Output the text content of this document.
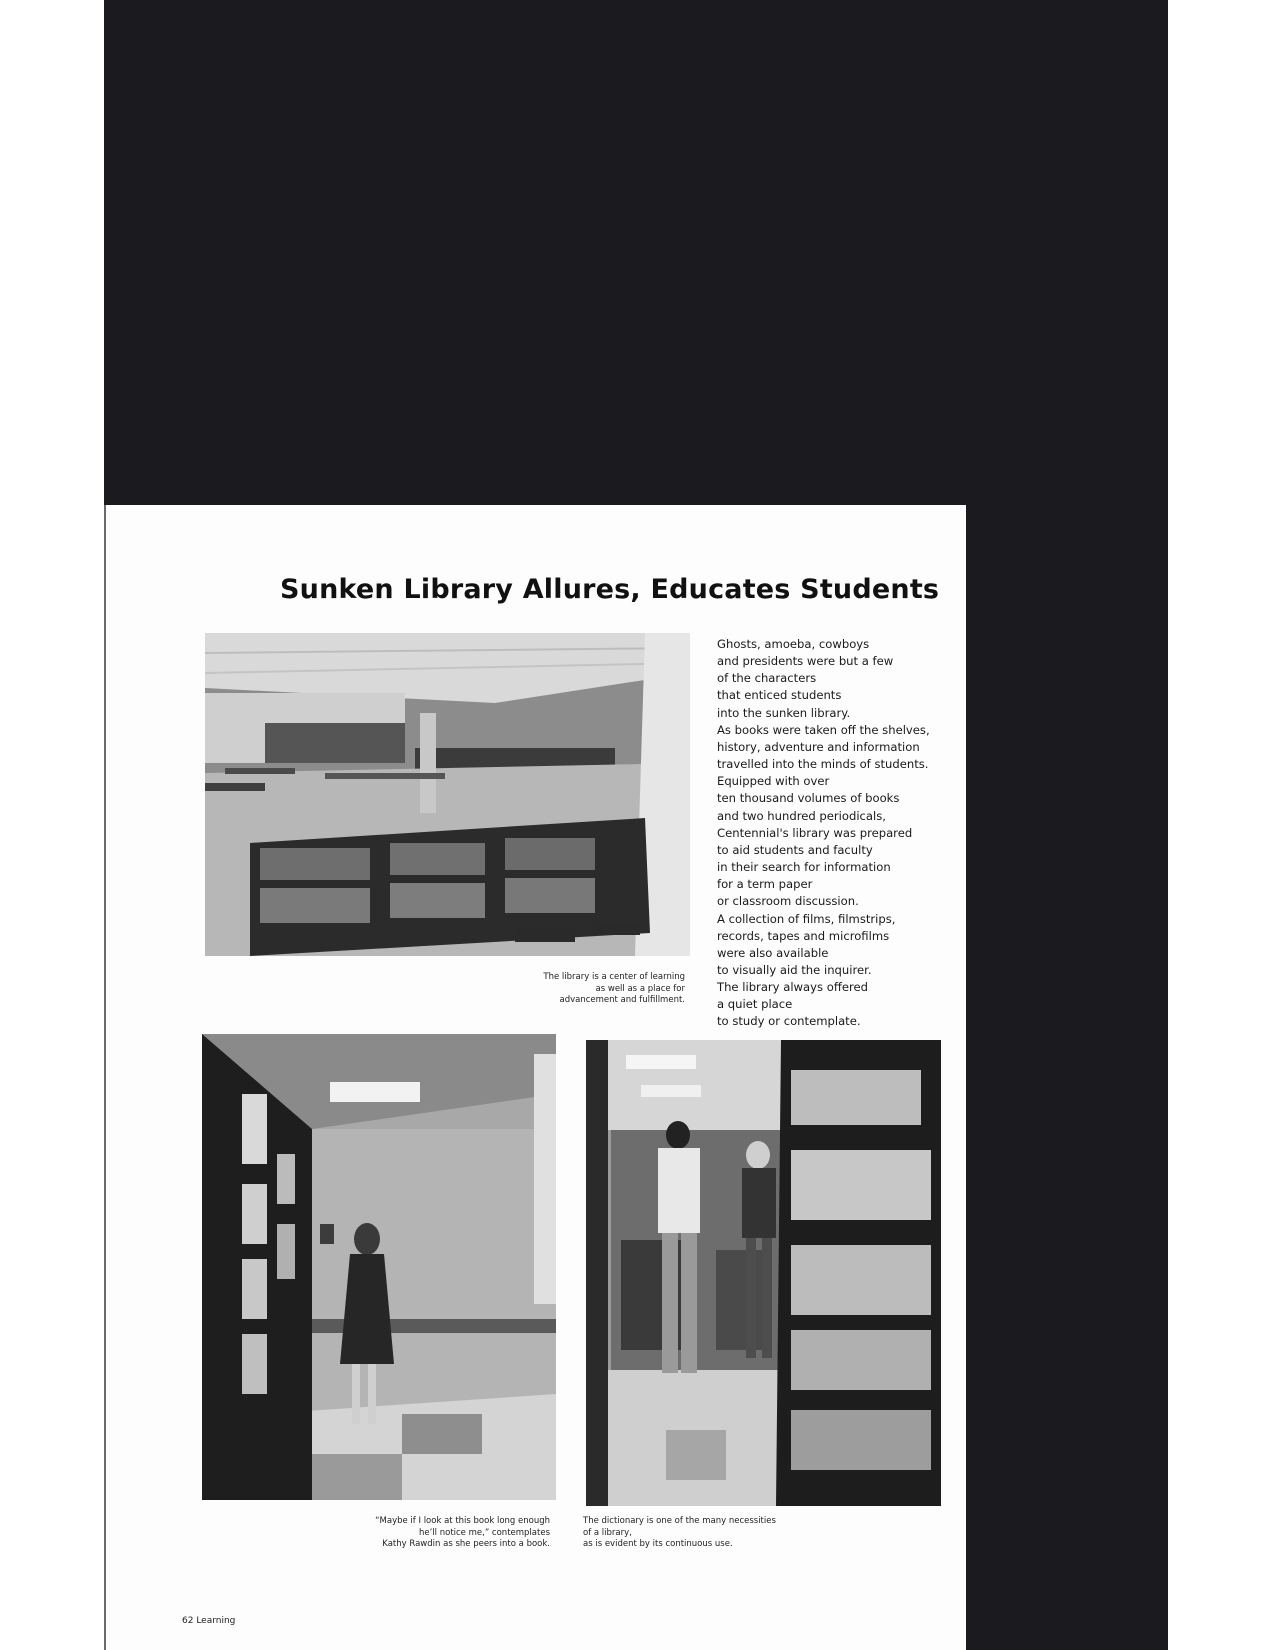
Sunken Library Allures, Educates Students

The library is a center of learning
as well as a place for
advancement and fulfillment.

Ghosts, amoeba, cowboys
and presidents were but a few
of the characters
that enticed students
into the sunken library.
As books were taken off the shelves,
history, adventure and information
travelled into the minds of students.
Equipped with over
ten thousand volumes of books
and two hundred periodicals,
Centennial's library was prepared
to aid students and faculty
in their search for information
for a term paper
or classroom discussion.
A collection of films, filmstrips,
records, tapes and microfilms
were also available
to visually aid the inquirer.
The library always offered
a quiet place
to study or contemplate.

“Maybe if I look at this book long enough
he’ll notice me,” contemplates
Kathy Rawdin as she peers into a book.

The dictionary is one of the many necessities
of a library,
as is evident by its continuous use.

62 Learning
